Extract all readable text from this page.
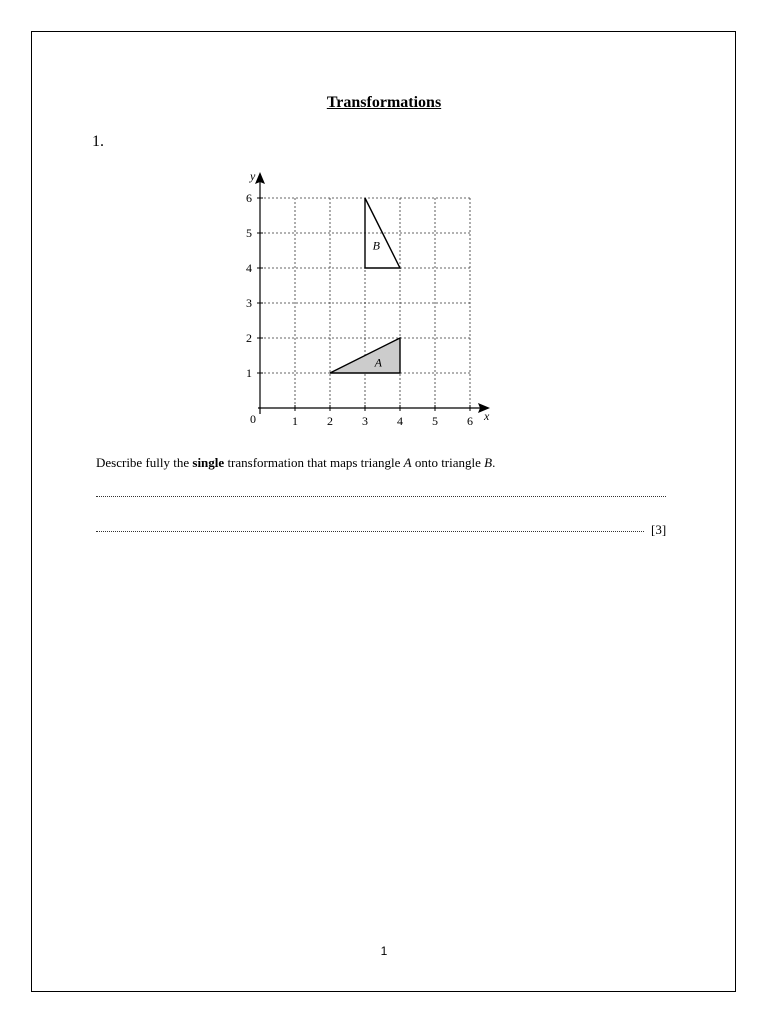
Transformations
1.
A
B
1 2 3 4 5 6
1
2
3
4
5
6
x
y
0
Describe fully the single transformation that maps triangle A onto triangle B.
[3]
1
